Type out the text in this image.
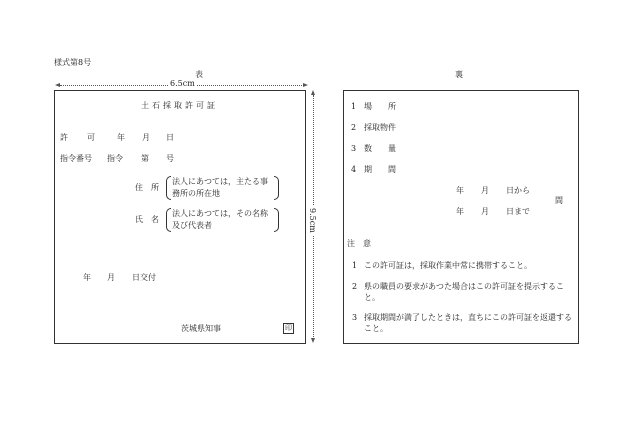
様式第8号
表
6.5cm
9.5cm
土石採取許可証
許 可	年 月 日
指令番号 指令 第 号
住　所
法人にあつては，主たる事
務所の所在地
氏　名
法人にあつては，その名称
及び代表者
年 月 日交付
茨城県知事	印
裏
1 場　　所
2 採取物件
3 数　　量
4 期　　間
年 月 日から
間
年 月 日まで
注　意
1 この許可証は，採取作業中常に携帯すること。
2 県の職員の要求があつた場合はこの許可証を提示すること。
3 採取期間が満了したときは，直ちにこの許可証を返還すること。
